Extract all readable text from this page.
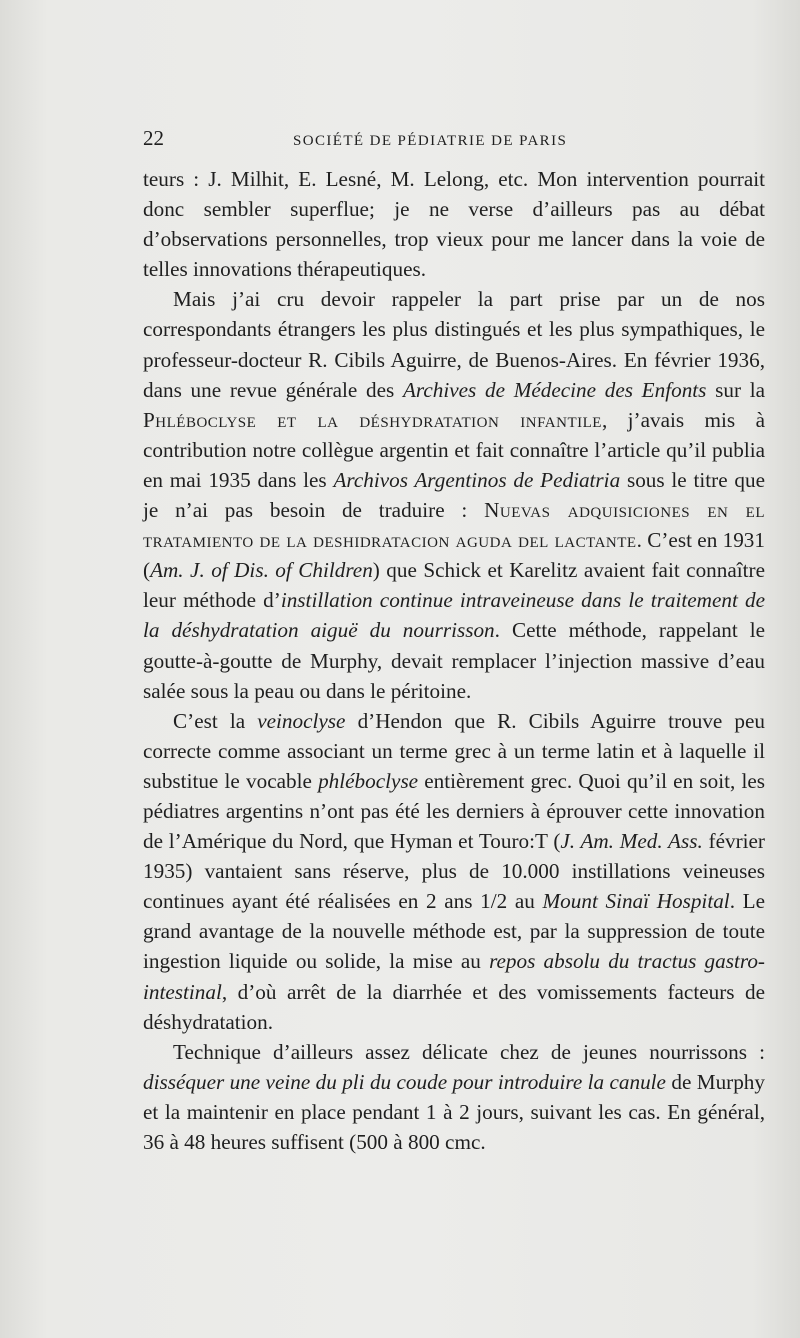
22	SOCIÉTÉ DE PÉDIATRIE DE PARIS

teurs : J. Milhit, E. Lesné, M. Lelong, etc. Mon intervention pourrait donc sembler superflue; je ne verse d’ailleurs pas au débat d’observations personnelles, trop vieux pour me lancer dans la voie de telles innovations thérapeutiques.

Mais j’ai cru devoir rappeler la part prise par un de nos correspondants étrangers les plus distingués et les plus sympathiques, le professeur-docteur R. Cibils Aguirre, de Buenos-Aires. En février 1936, dans une revue générale des Archives de Médecine des Enfonts sur la Phléboclyse et la déshydratation infantile, j’avais mis à contribution notre collègue argentin et fait connaître l’article qu’il publia en mai 1935 dans les Archivos Argentinos de Pediatria sous le titre que je n’ai pas besoin de traduire : Nuevas adquisiciones en el tratamiento de la deshidratacion aguda del lactante. C’est en 1931 (Am. J. of Dis. of Children) que Schick et Karelitz avaient fait connaître leur méthode d’instillation continue intraveineuse dans le traitement de la déshydratation aiguë du nourrisson. Cette méthode, rappelant le goutte-à-goutte de Murphy, devait remplacer l’injection massive d’eau salée sous la peau ou dans le péritoine.

C’est la veinoclyse d’Hendon que R. Cibils Aguirre trouve peu correcte comme associant un terme grec à un terme latin et à laquelle il substitue le vocable phléboclyse entièrement grec. Quoi qu’il en soit, les pédiatres argentins n’ont pas été les derniers à éprouver cette innovation de l’Amérique du Nord, que Hyman et Touro:T (J. Am. Med. Ass. février 1935) vantaient sans réserve, plus de 10.000 instillations veineuses continues ayant été réalisées en 2 ans 1/2 au Mount Sinaï Hospital. Le grand avantage de la nouvelle méthode est, par la suppression de toute ingestion liquide ou solide, la mise au repos absolu du tractus gastro-intestinal, d’où arrêt de la diarrhée et des vomissements facteurs de déshydratation.

Technique d’ailleurs assez délicate chez de jeunes nourrissons : disséquer une veine du pli du coude pour introduire la canule de Murphy et la maintenir en place pendant 1 à 2 jours, suivant les cas. En général, 36 à 48 heures suffisent (500 à 800 cmc.
